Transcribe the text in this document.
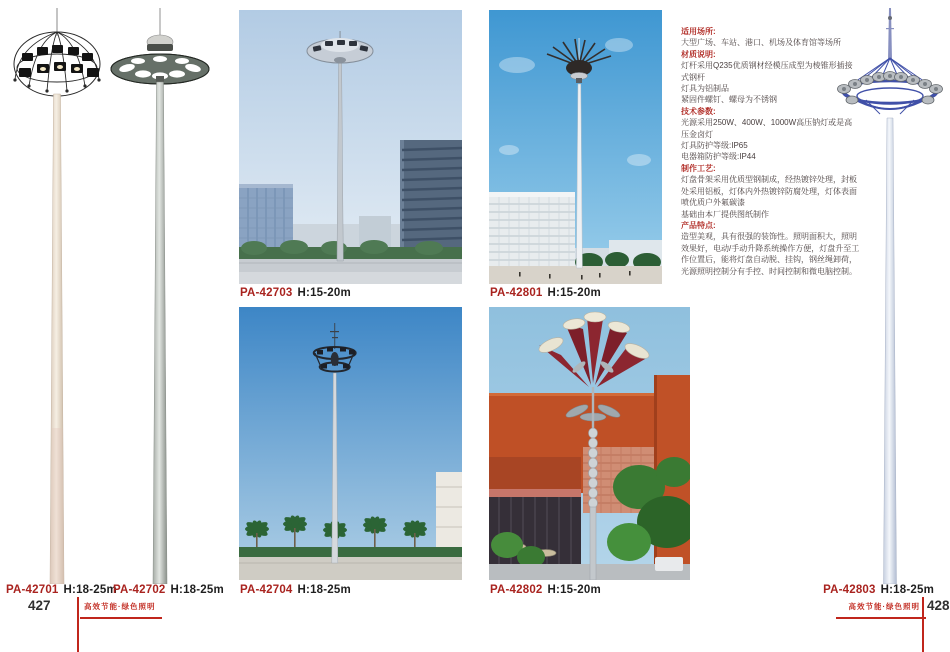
适用场所:
大型广场、车站、港口、机场及体育馆等场所
材质说明:
灯杆采用Q235优质钢材经模压成型为棱锥形插接式钢杆
灯具为铝制品
紧固件螺钉、螺母为不锈钢
技术参数:
光源采用250W、400W、1000W高压钠灯或是高压金卤灯
灯具防护等级:IP65
电器箱防护等级:IP44
制作工艺:
灯盘骨架采用优质型钢制成，经热镀锌处理，封板处采用铝板，灯体内外热镀锌防腐处理，灯体表面喷优质户外氟碳漆
基础由本厂提供图纸制作
产品特点:
造型美观，具有很强的装饰性。照明面积大，照明效果好，电动/手动升降系统操作方便，灯盘升至工作位置后，能将灯盘自动脱、挂钩，钢丝绳卸荷，光源照明控制分有手控、时间控制和微电脑控制。
PA-42701 H:18-25m
PA-42702 H:18-25m
PA-42703 H:15-20m
PA-42704 H:18-25m
PA-42801 H:15-20m
PA-42802 H:15-20m	PA-42803 H:18-25m
427	高效节能·绿色照明	高效节能·绿色照明 428
